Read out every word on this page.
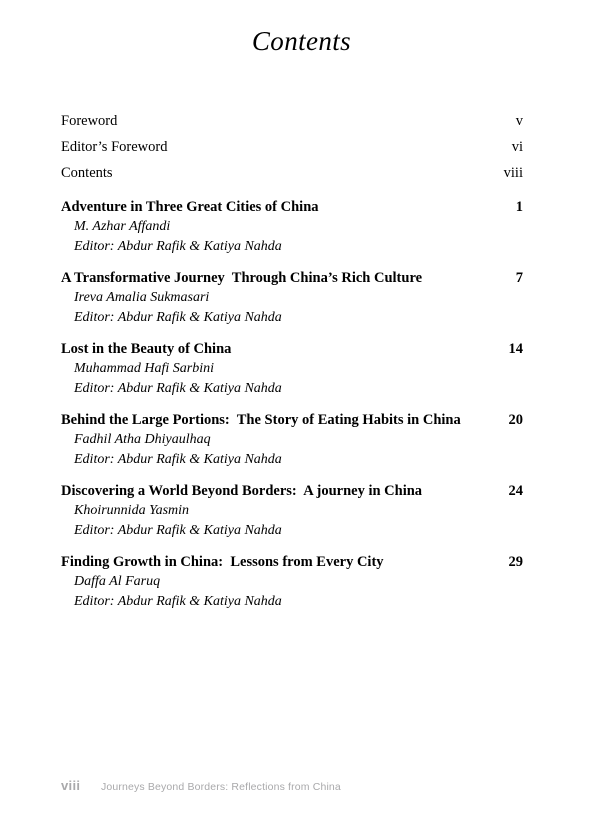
Contents
Foreword	v
Editor’s Foreword	vi
Contents	viii
Adventure in Three Great Cities of China	1
M. Azhar Affandi
Editor: Abdur Rafik & Katiya Nahda
A Transformative Journey  Through China’s Rich Culture	7
Ireva Amalia Sukmasari
Editor: Abdur Rafik & Katiya Nahda
Lost in the Beauty of China	14
Muhammad Hafi Sarbini
Editor: Abdur Rafik & Katiya Nahda
Behind the Large Portions:  The Story of Eating Habits in China	20
Fadhil Atha Dhiyaulhaq
Editor: Abdur Rafik & Katiya Nahda
Discovering a World Beyond Borders:  A journey in China	24
Khoirunnida Yasmin
Editor: Abdur Rafik & Katiya Nahda
Finding Growth in China:  Lessons from Every City	29
Daffa Al Faruq
Editor: Abdur Rafik & Katiya Nahda
viii	Journeys Beyond Borders: Reflections from China
